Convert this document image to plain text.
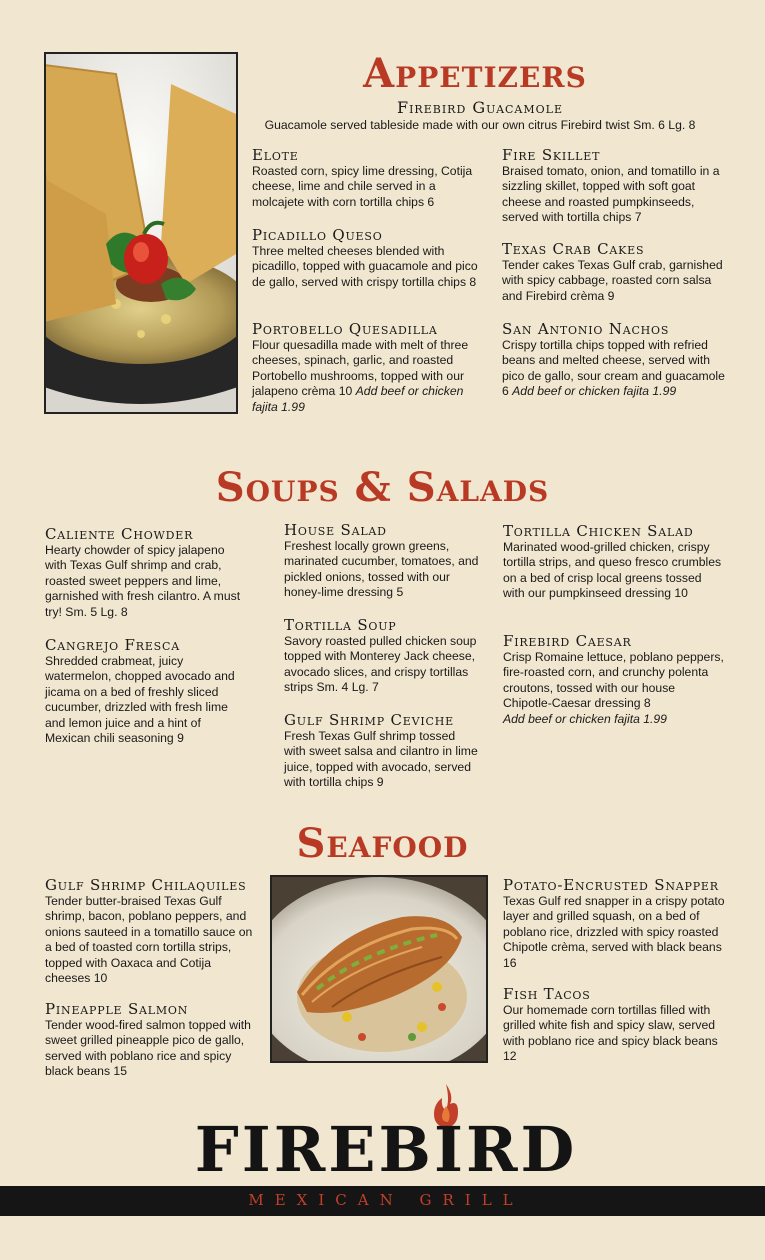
Appetizers
Firebird Guacamole
Guacamole served tableside made with our own citrus Firebird twist Sm. 6 Lg. 8
Elote
Roasted corn, spicy lime dressing, Cotija cheese, lime and chile served in a molcajete with corn tortilla chips 6
Fire Skillet
Braised tomato, onion, and tomatillo in a sizzling skillet, topped with soft goat cheese and roasted pumpkinseeds, served with tortilla chips 7
Picadillo Queso
Three melted cheeses blended with picadillo, topped with guacamole and pico de gallo, served with crispy tortilla chips 8
Texas Crab Cakes
Tender cakes Texas Gulf crab, garnished with spicy cabbage, roasted corn salsa and Firebird crèma 9
Portobello Quesadilla
Flour quesadilla made with melt of three cheeses, spinach, garlic, and roasted Portobello mushrooms, topped with our jalapeno crèma 10 Add beef or chicken fajita 1.99
San Antonio Nachos
Crispy tortilla chips topped with refried beans and melted cheese, served with pico de gallo, sour cream and guacamole 6 Add beef or chicken fajita 1.99
Soups & Salads
Caliente Chowder
Hearty chowder of spicy jalapeno with Texas Gulf shrimp and crab, roasted sweet peppers and lime, garnished with fresh cilantro. A must try! Sm. 5 Lg. 8
Cangrejo Fresca
Shredded crabmeat, juicy watermelon, chopped avocado and jicama on a bed of freshly sliced cucumber, drizzled with fresh lime and lemon juice and a hint of Mexican chili seasoning 9
House Salad
Freshest locally grown greens, marinated cucumber, tomatoes, and pickled onions, tossed with our honey-lime dressing 5
Tortilla Soup
Savory roasted pulled chicken soup topped with Monterey Jack cheese, avocado slices, and crispy tortillas strips Sm. 4 Lg. 7
Gulf Shrimp Ceviche
Fresh Texas Gulf shrimp tossed with sweet salsa and cilantro in lime juice, topped with avocado, served with tortilla chips 9
Tortilla Chicken Salad
Marinated wood-grilled chicken, crispy tortilla strips, and queso fresco crumbles on a bed of crisp local greens tossed with our pumpkinseed dressing 10
Firebird Caesar
Crisp Romaine lettuce, poblano peppers, fire-roasted corn, and crunchy polenta croutons, tossed with our house Chipotle-Caesar dressing 8
Add beef or chicken fajita 1.99
Seafood
Gulf Shrimp Chilaquiles
Tender butter-braised Texas Gulf shrimp, bacon, poblano peppers, and onions sauteed in a tomatillo sauce on a bed of toasted corn tortilla strips, topped with Oaxaca and Cotija cheeses 10
Pineapple Salmon
Tender wood-fired salmon topped with sweet grilled pineapple pico de gallo, served with poblano rice and spicy black beans 15
Potato-Encrusted Snapper
Texas Gulf red snapper in a crispy potato layer and grilled squash, on a bed of poblano rice, drizzled with spicy roasted Chipotle crèma, served with black beans 16
Fish Tacos
Our homemade corn tortillas filled with grilled white fish and spicy slaw, served with poblano rice and spicy black beans 12
FIREBIRD
MEXICAN GRILL
